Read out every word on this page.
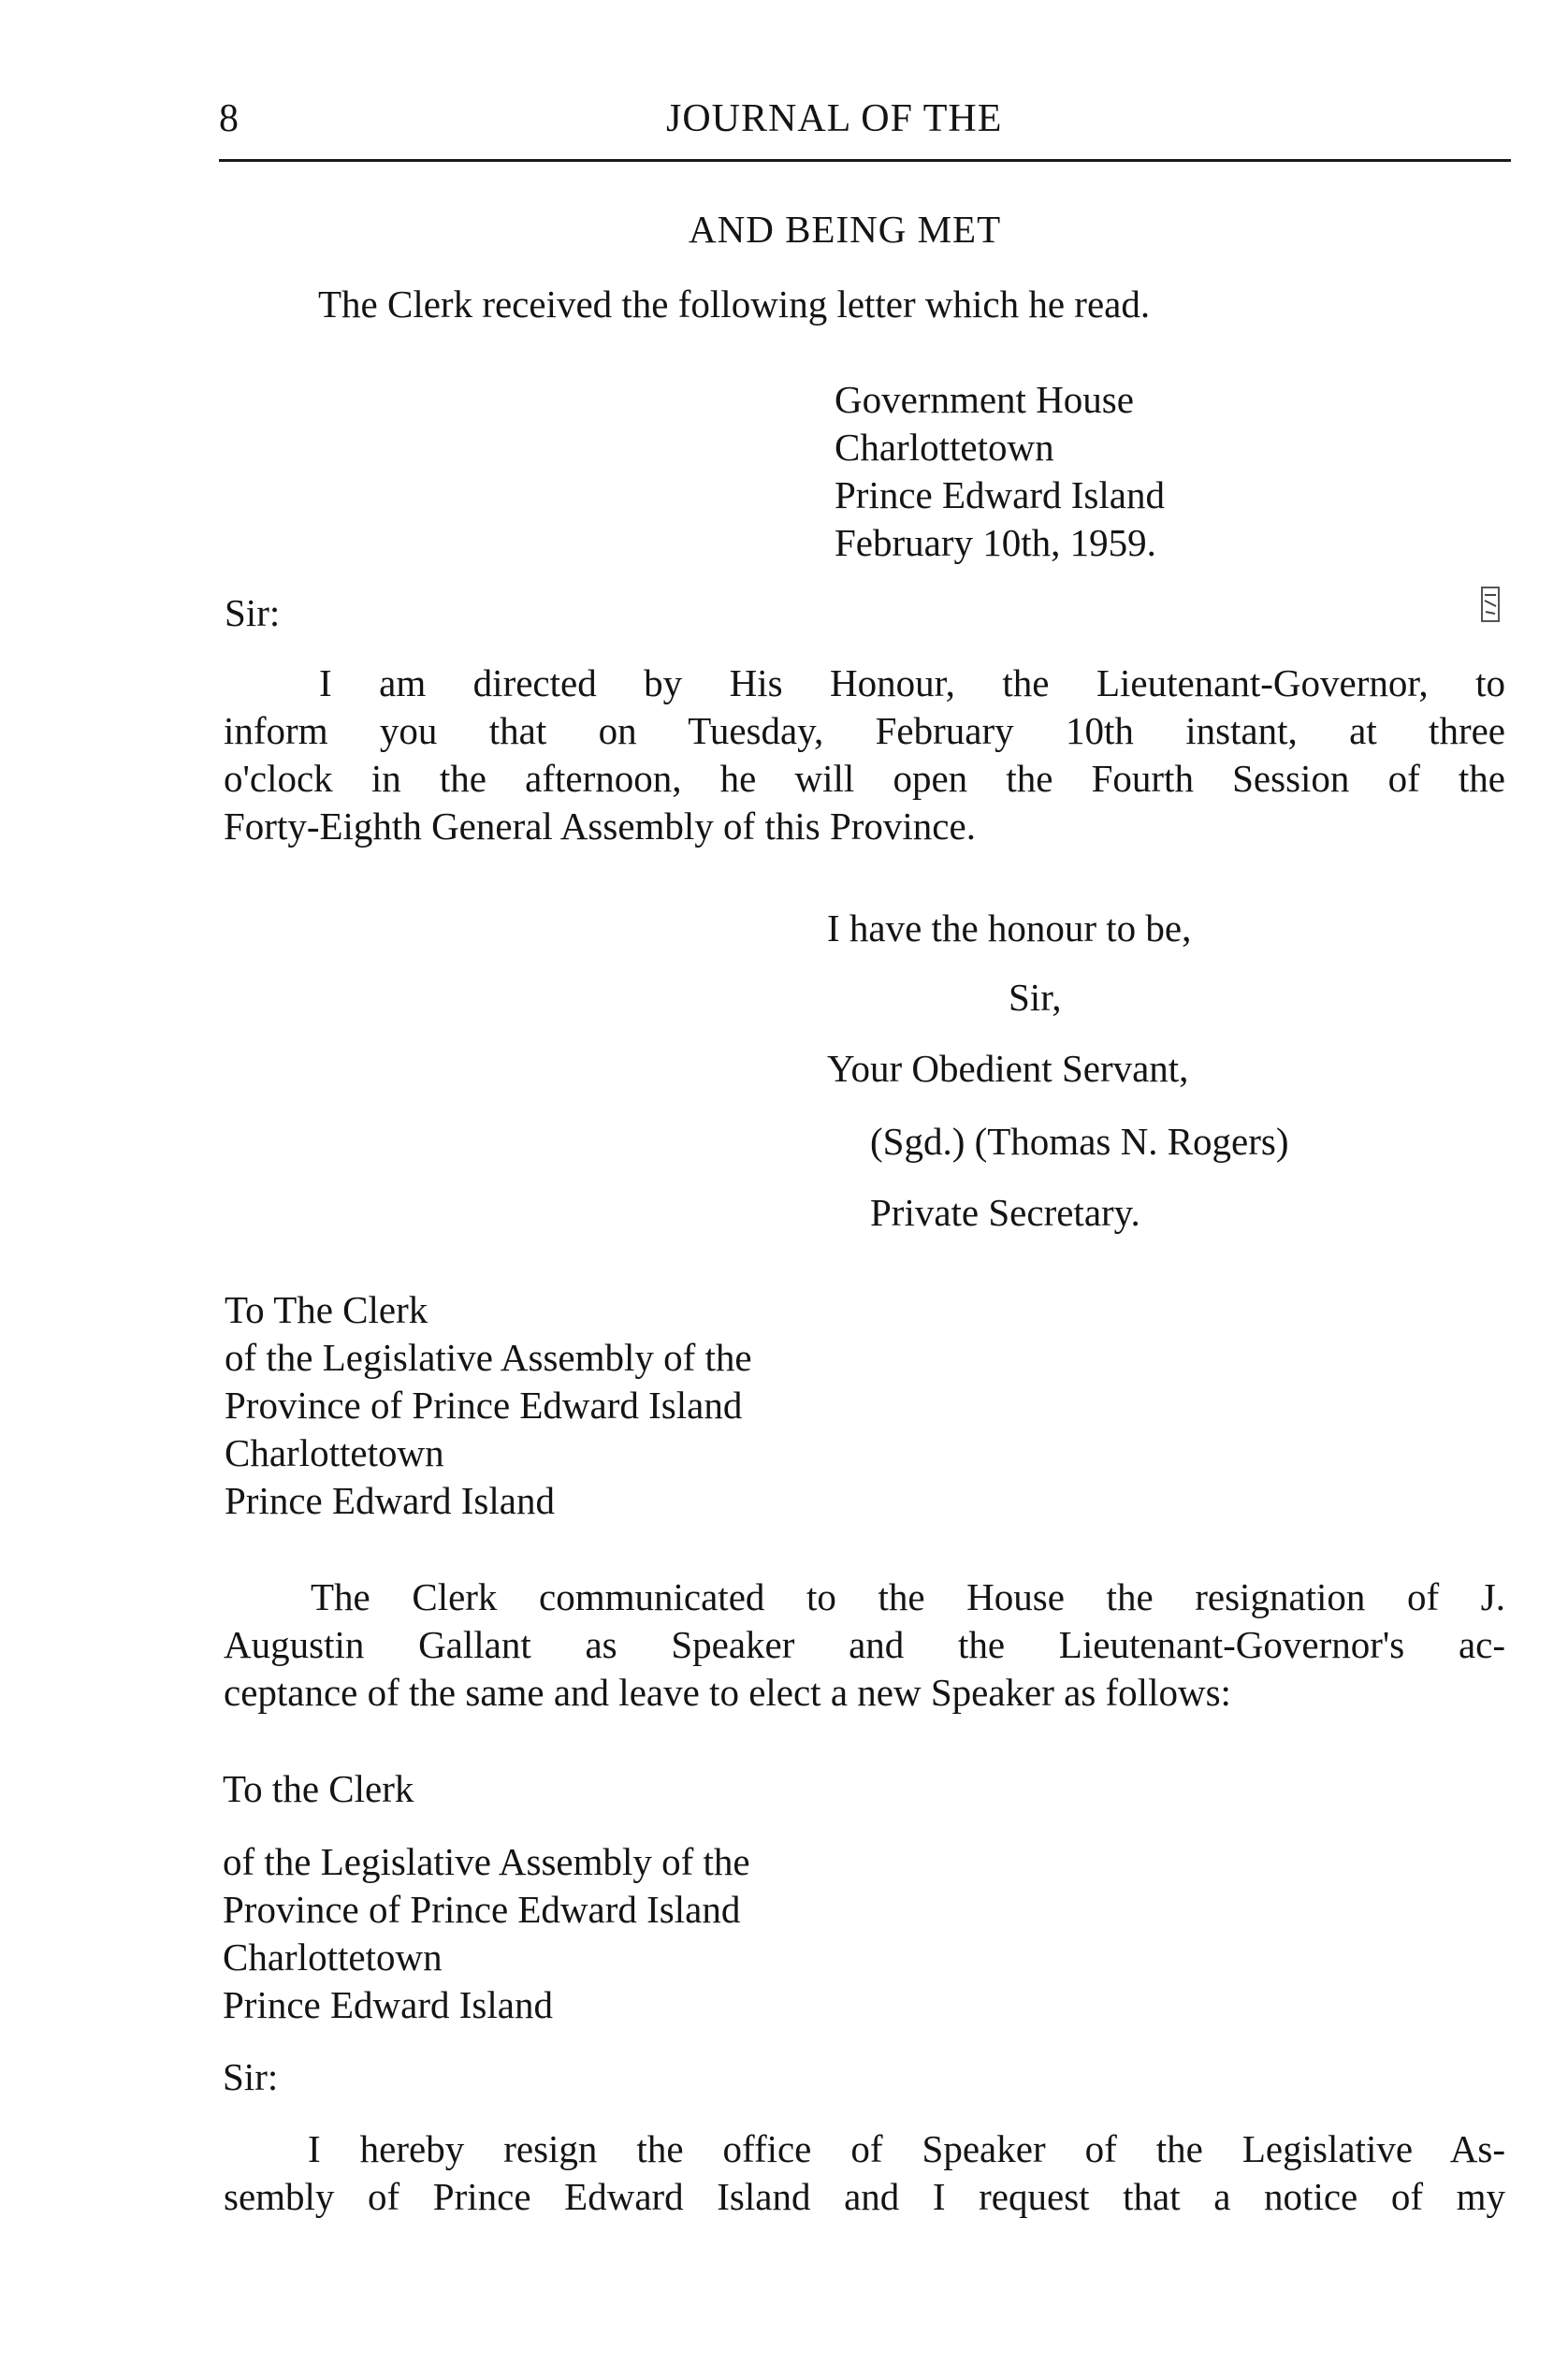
8	JOURNAL OF THE
AND BEING MET
The Clerk received the following letter which he read.
Government House
Charlottetown
Prince Edward Island
February 10th, 1959.
Sir:
I am directed by His Honour, the Lieutenant-Governor, to
inform you that on Tuesday, February 10th instant, at three
o'clock in the afternoon, he will open the Fourth Session of the
Forty-Eighth General Assembly of this Province.
I have the honour to be,
Sir,
Your Obedient Servant,
(Sgd.) (Thomas N. Rogers)
Private Secretary.
To The Clerk
of the Legislative Assembly of the
Province of Prince Edward Island
Charlottetown
Prince Edward Island
The Clerk communicated to the House the resignation of J.
Augustin Gallant as Speaker and the Lieutenant-Governor's ac-
ceptance of the same and leave to elect a new Speaker as follows:
To the Clerk
of the Legislative Assembly of the
Province of Prince Edward Island
Charlottetown
Prince Edward Island
Sir:
I hereby resign the office of Speaker of the Legislative As-
sembly of Prince Edward Island and I request that a notice of my
